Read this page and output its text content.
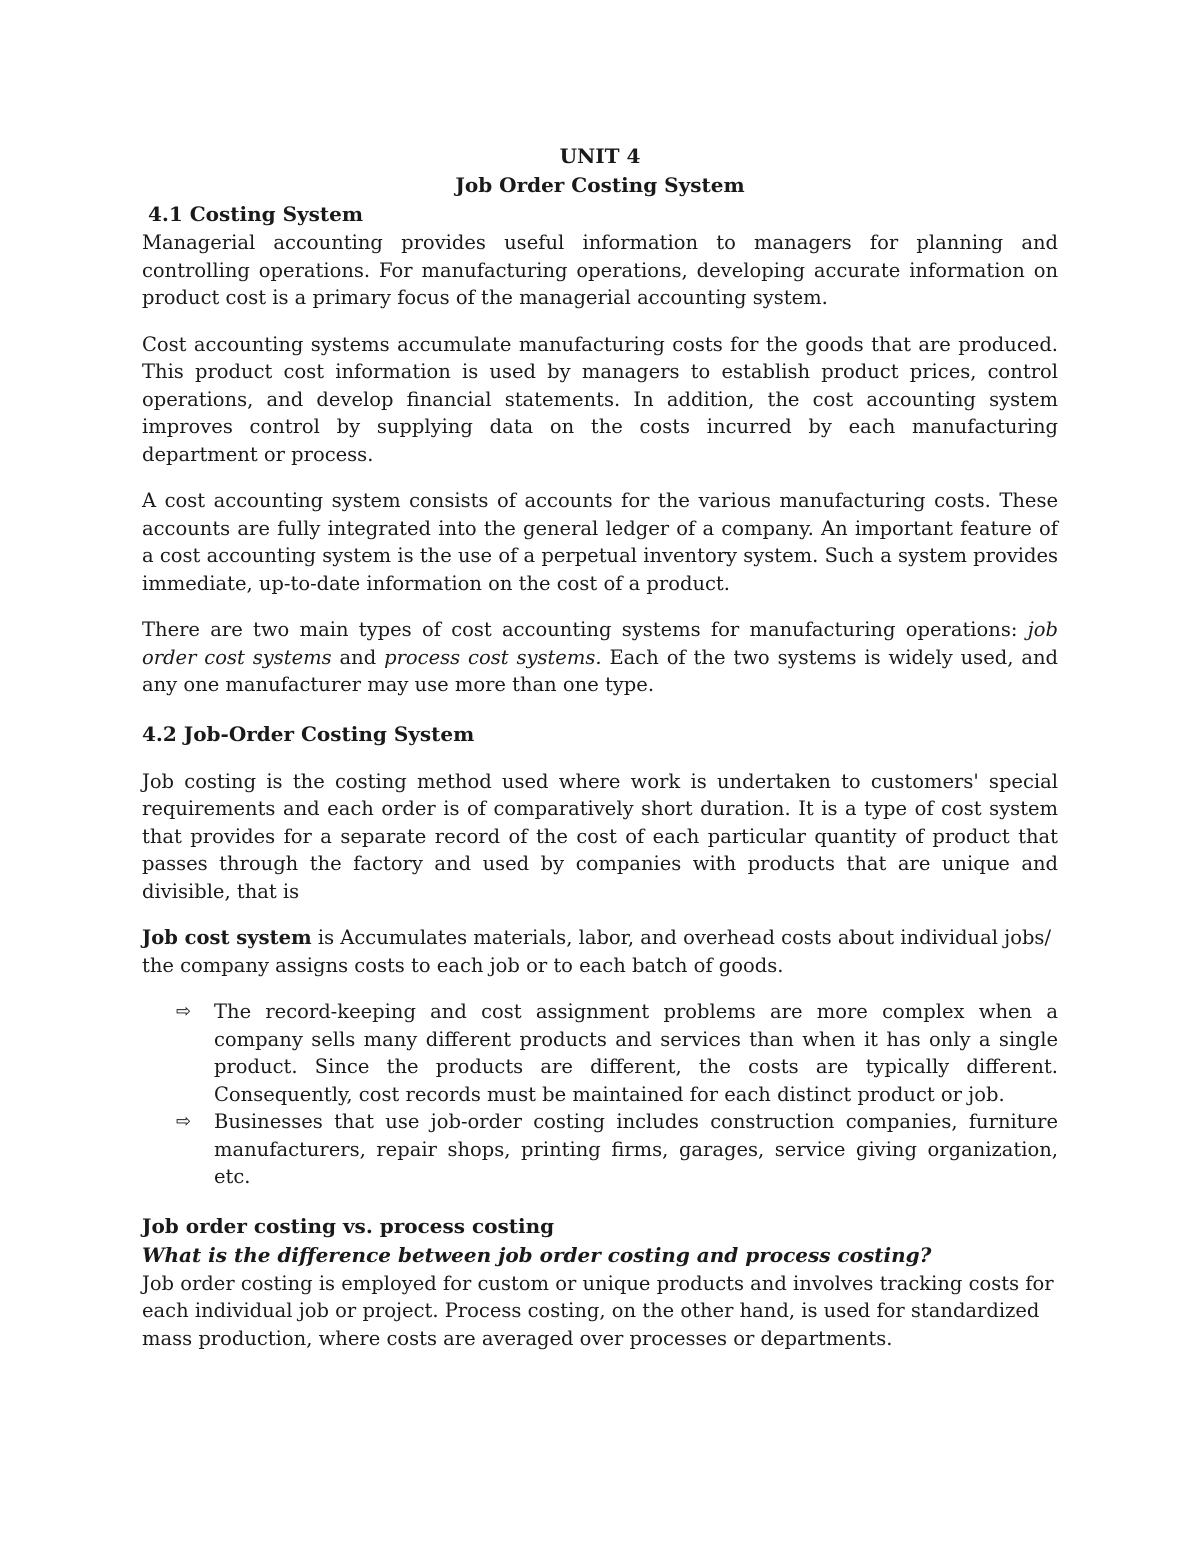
UNIT 4

Job Order Costing System

4.1 Costing System

Managerial accounting provides useful information to managers for planning and controlling operations. For manufacturing operations, developing accurate information on product cost is a primary focus of the managerial accounting system.

Cost accounting systems accumulate manufacturing costs for the goods that are produced. This product cost information is used by managers to establish product prices, control operations, and develop financial statements. In addition, the cost accounting system improves control by supplying data on the costs incurred by each manufacturing department or process.

A cost accounting system consists of accounts for the various manufacturing costs. These accounts are fully integrated into the general ledger of a company. An important feature of a cost accounting system is the use of a perpetual inventory system. Such a system provides immediate, up-to-date information on the cost of a product.

There are two main types of cost accounting systems for manufacturing operations: job order cost systems and process cost systems. Each of the two systems is widely used, and any one manufacturer may use more than one type.

4.2 Job-Order Costing System

Job costing is the costing method used where work is undertaken to customers' special requirements and each order is of comparatively short duration. It is a type of cost system that provides for a separate record of the cost of each particular quantity of product that passes through the factory and used by companies with products that are unique and divisible, that is

Job cost system is Accumulates materials, labor, and overhead costs about individual jobs/ the company assigns costs to each job or to each batch of goods.

⇨ The record-keeping and cost assignment problems are more complex when a company sells many different products and services than when it has only a single product. Since the products are different, the costs are typically different. Consequently, cost records must be maintained for each distinct product or job.
⇨ Businesses that use job-order costing includes construction companies, furniture manufacturers, repair shops, printing firms, garages, service giving organization, etc.
Job order costing vs. process costing

What is the difference between job order costing and process costing?

Job order costing is employed for custom or unique products and involves tracking costs for each individual job or project. Process costing, on the other hand, is used for standardized mass production, where costs are averaged over processes or departments.
